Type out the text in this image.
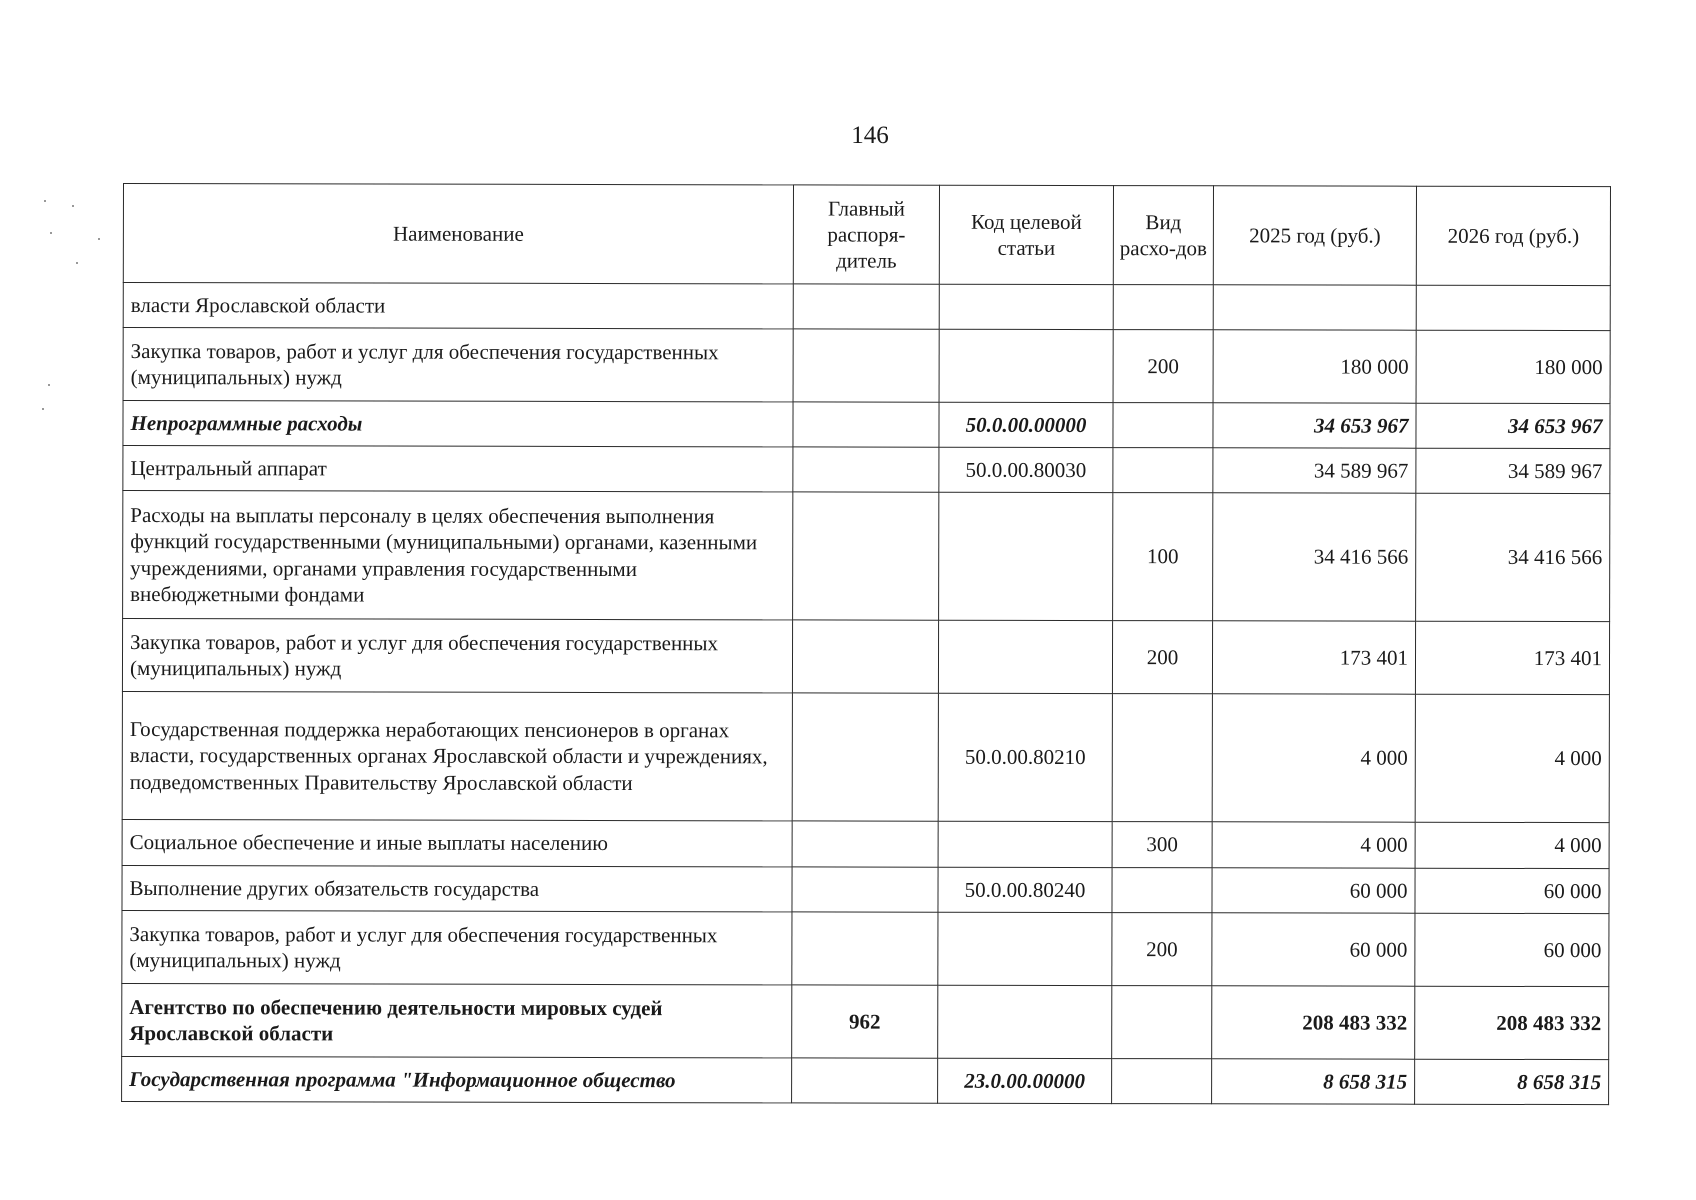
146
Наименование	Главный распоря-дитель	Код целевой статьи	Вид расхо-дов	2025 год (руб.)	2026 год (руб.)
власти Ярославской области					
Закупка товаров, работ и услуг для обеспечения государственных (муниципальных) нужд			200	180 000	180 000
Непрограммные расходы		50.0.00.00000		34 653 967	34 653 967
Центральный аппарат		50.0.00.80030		34 589 967	34 589 967
Расходы на выплаты персоналу в целях обеспечения выполнения функций государственными (муниципальными) органами, казенными учреждениями, органами управления государственными внебюджетными фондами			100	34 416 566	34 416 566
Закупка товаров, работ и услуг для обеспечения государственных (муниципальных) нужд			200	173 401	173 401
Государственная поддержка неработающих пенсионеров в органах власти, государственных органах Ярославской области и учреждениях, подведомственных Правительству Ярославской области		50.0.00.80210		4 000	4 000
Социальное обеспечение и иные выплаты населению			300	4 000	4 000
Выполнение других обязательств государства		50.0.00.80240		60 000	60 000
Закупка товаров, работ и услуг для обеспечения государственных (муниципальных) нужд			200	60 000	60 000
Агентство по обеспечению деятельности мировых судей Ярославской области	962			208 483 332	208 483 332
Государственная программа "Информационное общество		23.0.00.00000		8 658 315	8 658 315
